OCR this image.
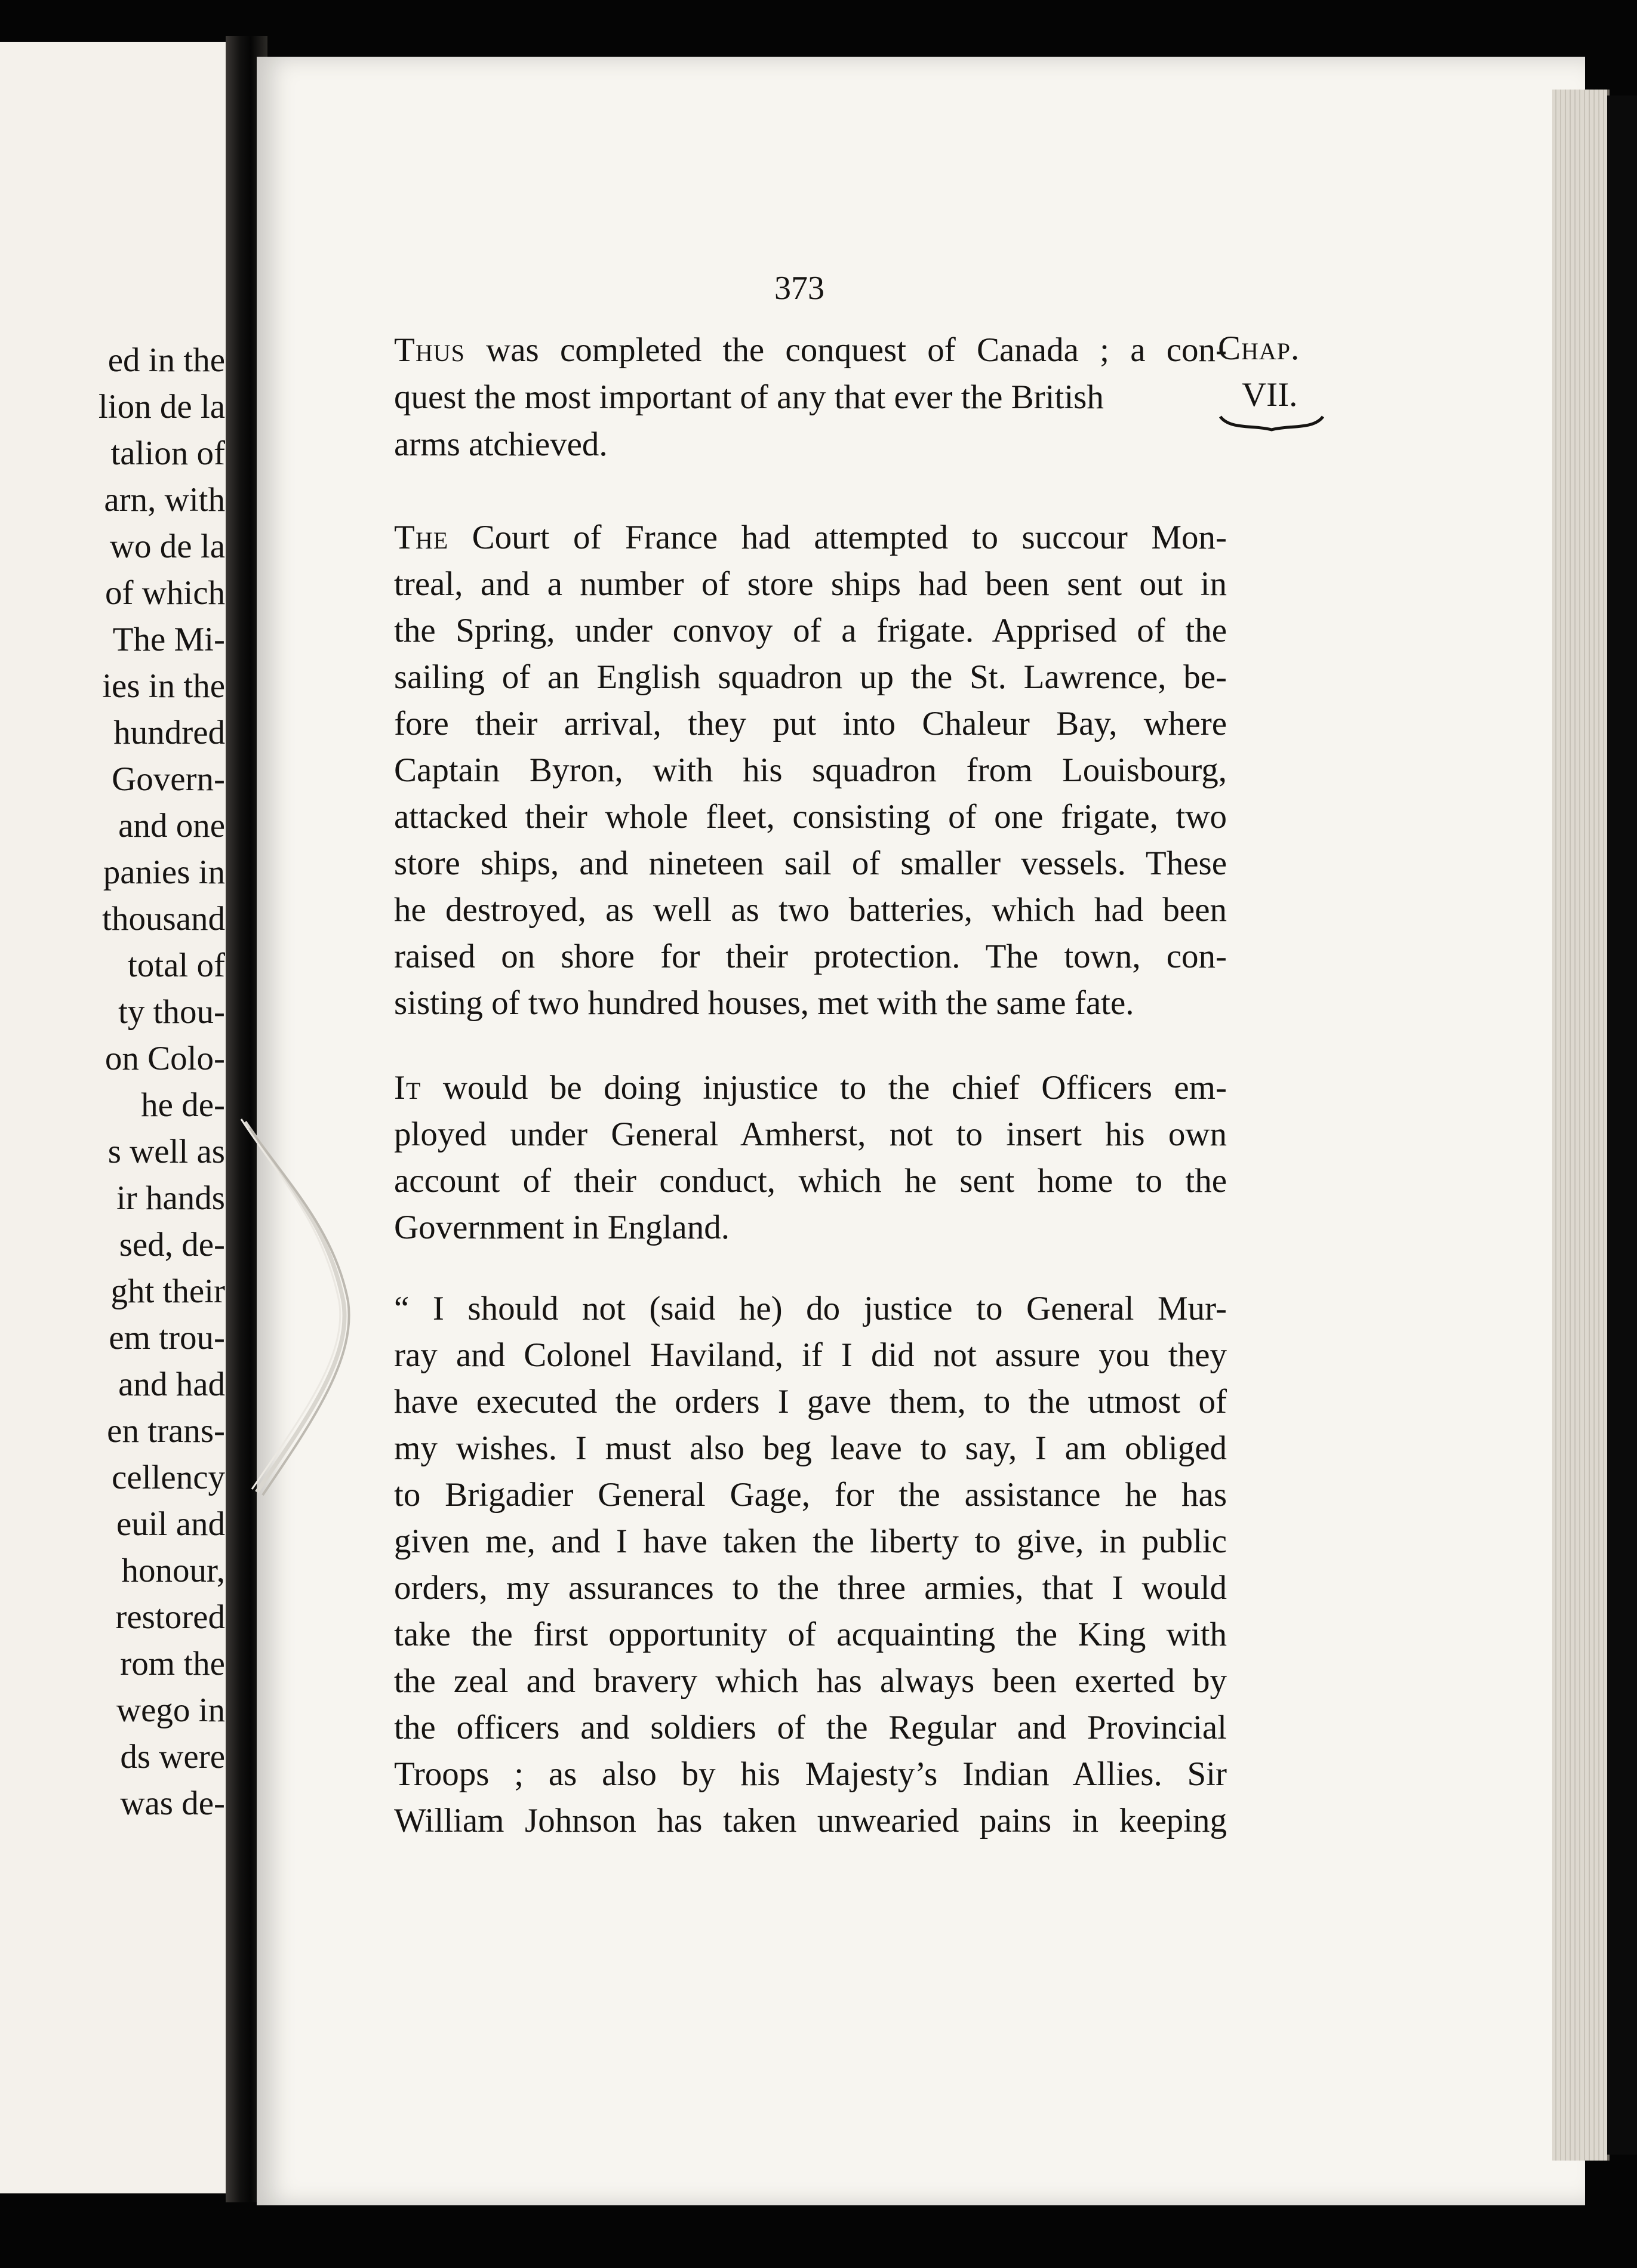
ed in the
lion de la
talion of
arn, with
wo de la
of which
The Mi-
ies in the
hundred
Govern-
and one
panies in
thousand
total of
ty thou-
on Colo-
he de-
s well as
ir hands
sed, de-
ght their
em trou-
and had
en trans-
cellency
euil and
honour,
restored
rom the
wego in
ds were
was de-
373
Chap.
VII.
Thus was completed the conquest of Canada ; a con-
quest the most important of any that ever the British
arms atchieved.
The Court of France had attempted to succour Mon-
treal, and a number of store ships had been sent out in
the Spring, under convoy of a frigate. Apprised of the
sailing of an English squadron up the St. Lawrence, be-
fore their arrival, they put into Chaleur Bay, where
Captain Byron, with his squadron from Louisbourg,
attacked their whole fleet, consisting of one frigate, two
store ships, and nineteen sail of smaller vessels. These
he destroyed, as well as two batteries, which had been
raised on shore for their protection. The town, con-
sisting of two hundred houses, met with the same fate.
It would be doing injustice to the chief Officers em-
ployed under General Amherst, not to insert his own
account of their conduct, which he sent home to the
Government in England.
“ I should not (said he) do justice to General Mur-
ray and Colonel Haviland, if I did not assure you they
have executed the orders I gave them, to the utmost of
my wishes. I must also beg leave to say, I am obliged
to Brigadier General Gage, for the assistance he has
given me, and I have taken the liberty to give, in public
orders, my assurances to the three armies, that I would
take the first opportunity of acquainting the King with
the zeal and bravery which has always been exerted by
the officers and soldiers of the Regular and Provincial
Troops ; as also by his Majesty’s Indian Allies. Sir
William Johnson has taken unwearied pains in keeping
